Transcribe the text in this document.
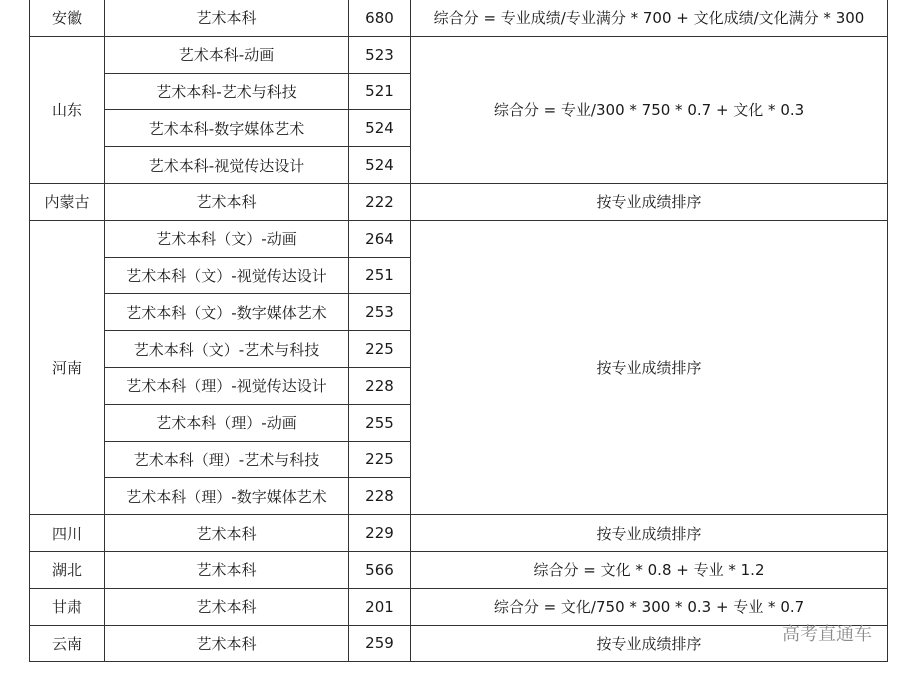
安徽	艺术本科	680	综合分 = 专业成绩/专业满分 * 700 + 文化成绩/文化满分 * 300
山东	艺术本科-动画	523	综合分 = 专业/300 * 750 * 0.7 + 文化 * 0.3
	艺术本科-艺术与科技	521	
	艺术本科-数字媒体艺术	524	
	艺术本科-视觉传达设计	524	
内蒙古	艺术本科	222	按专业成绩排序
河南	艺术本科（文）-动画	264	按专业成绩排序
	艺术本科（文）-视觉传达设计	251	
	艺术本科（文）-数字媒体艺术	253	
	艺术本科（文）-艺术与科技	225	
	艺术本科（理）-视觉传达设计	228	
	艺术本科（理）-动画	255	
	艺术本科（理）-艺术与科技	225	
	艺术本科（理）-数字媒体艺术	228	
四川	艺术本科	229	按专业成绩排序
湖北	艺术本科	566	综合分 = 文化 * 0.8 + 专业 * 1.2
甘肃	艺术本科	201	综合分 = 文化/750 * 300 * 0.3 + 专业 * 0.7
云南	艺术本科	259	按专业成绩排序	高考直通车
